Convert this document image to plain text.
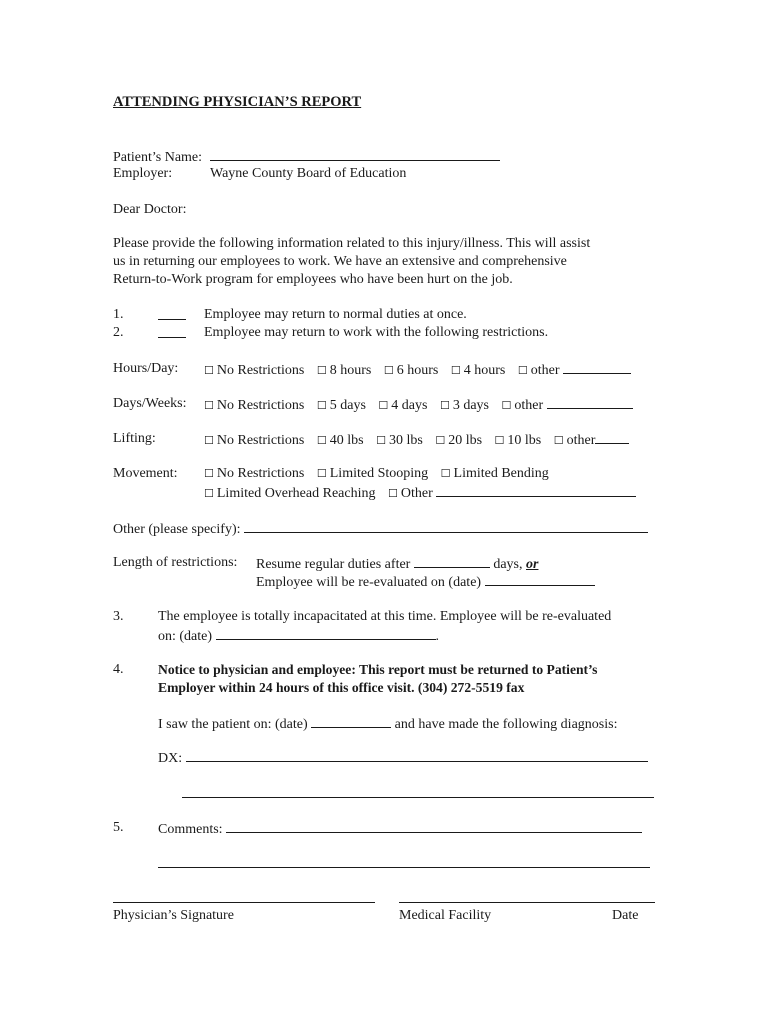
ATTENDING PHYSICIAN’S REPORT
Patient’s Name:
Employer:	Wayne County Board of Education
Dear Doctor:
Please provide the following information related to this injury/illness. This will assist
us in returning our employees to work. We have an extensive and comprehensive
Return-to-Work program for employees who have been hurt on the job.
1.	Employee may return to normal duties at once.
2.	Employee may return to work with the following restrictions.
Hours/Day: ☐ No Restrictions ☐ 8 hours ☐ 6 hours ☐ 4 hours ☐ other
Days/Weeks: ☐ No Restrictions ☐ 5 days ☐ 4 days ☐ 3 days ☐ other
Lifting:	☐ No Restrictions ☐ 40 lbs ☐ 30 lbs ☐ 20 lbs ☐ 10 lbs ☐ other
Movement: ☐ No Restrictions ☐ Limited Stooping ☐ Limited Bending
☐ Limited Overhead Reaching ☐ Other
Other (please specify):
Length of restrictions: Resume regular duties after	days, or
Employee will be re-evaluated on (date)
3. The employee is totally incapacitated at this time. Employee will be re-evaluated
on: (date)	.
4.	Notice to physician and employee: This report must be returned to Patient’s
Employer within 24 hours of this office visit. (304) 272-5519 fax
I saw the patient on: (date)	and have made the following diagnosis:
DX:
5. Comments:
Physician’s Signature	Medical Facility	Date
